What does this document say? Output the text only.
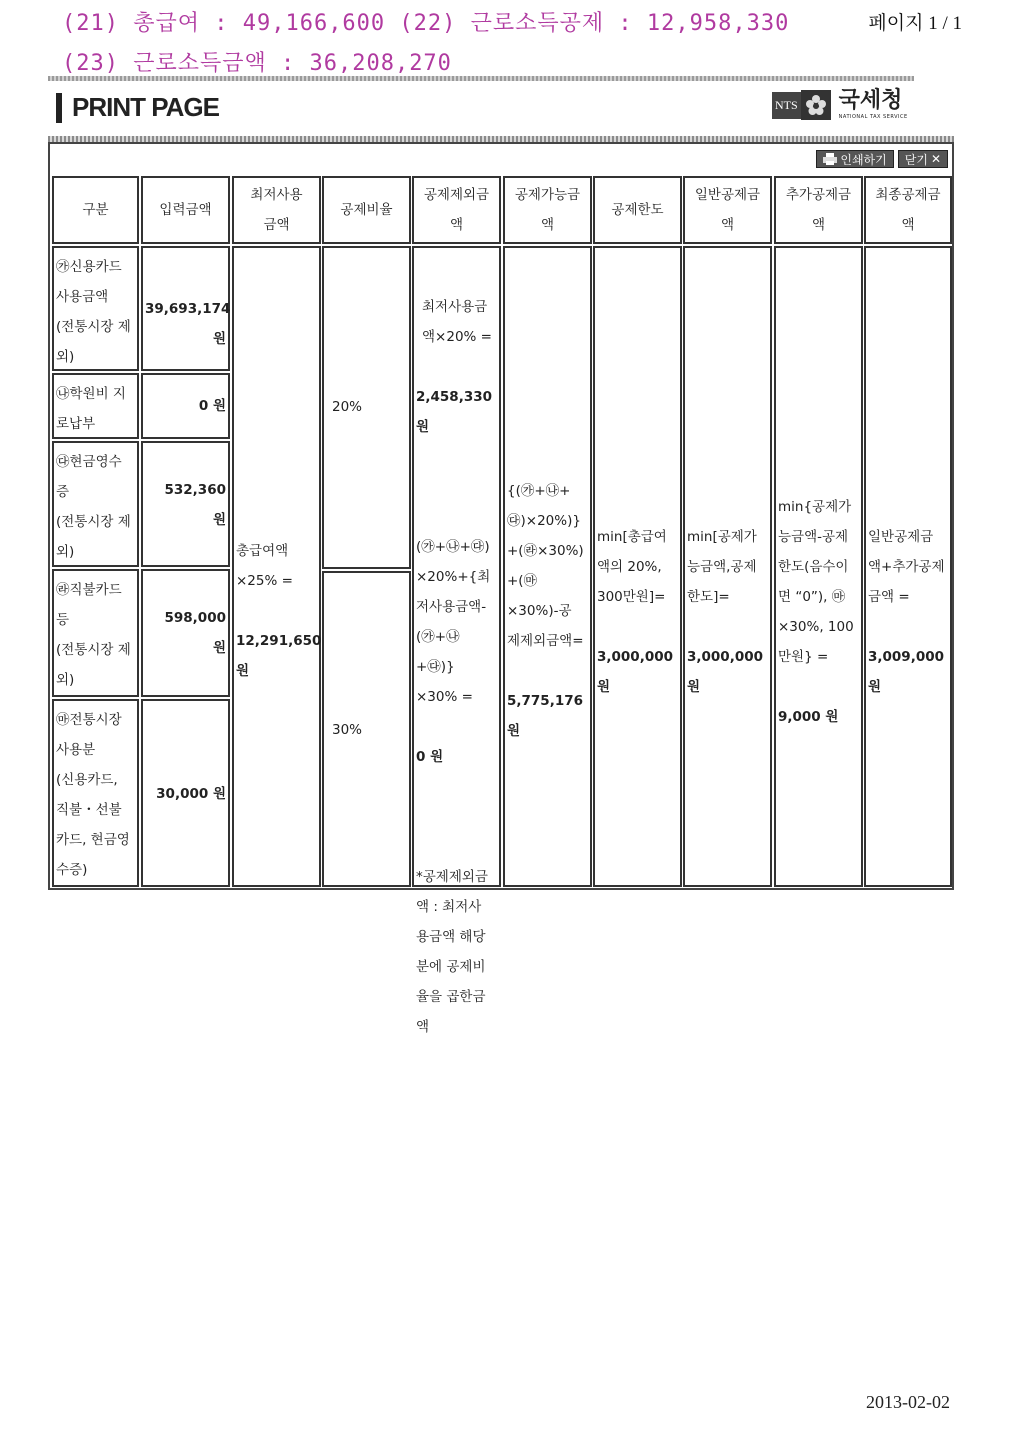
(21) 총급여 : 49,166,600 (22) 근로소득공제 : 12,958,330
(23) 근로소득금액 : 36,208,270
페이지 1 / 1
PRINT PAGE	NTS 국세청
NATIONAL TAX SERVICE
인쇄하기 닫기 ✕
구분	입력금액
최저사용
금액
공제비율
공제제외금
액
공제가능금
액
공제한도
일반공제금
액
추가공제금
액
최종공제금
액
㉮신용카드
사용금액
(전통시장 제
외)
㉯학원비 지
로납부
㉰현금영수
증
(전통시장 제
외)
㉱직불카드
등
(전통시장 제
외)
㉲전통시장
사용분
(신용카드,
직불・선불
카드, 현금영
수증)
39,693,174
원
0 원
532,360
원
598,000
원
30,000 원

총급여액
×25% =

12,291,650
원

20%
30%

최저사용금
액×20% =

2,458,330
원

(㉮+㉯+㉰)
×20%+{최
저사용금액-
(㉮+㉯+㉰)}
×30% =

0 원

*공제제외금
액 : 최저사
용금액 해당
분에 공제비
율을 곱한금
액

{(㉮+㉯+
㉰)×20%)}
+(㉱×30%)
+(㉲
×30%)-공
제제외금액=

5,775,176
원

min[총급여
액의 20%,
300만원]=

3,000,000
원

min[공제가
능금액,공제
한도]=

3,000,000
원

min{공제가
능금액-공제
한도(음수이
면 “0”), ㉲
×30%, 100
만원} =

9,000 원

일반공제금
액+추가공제
금액 =

3,009,000
원

2013-02-02
